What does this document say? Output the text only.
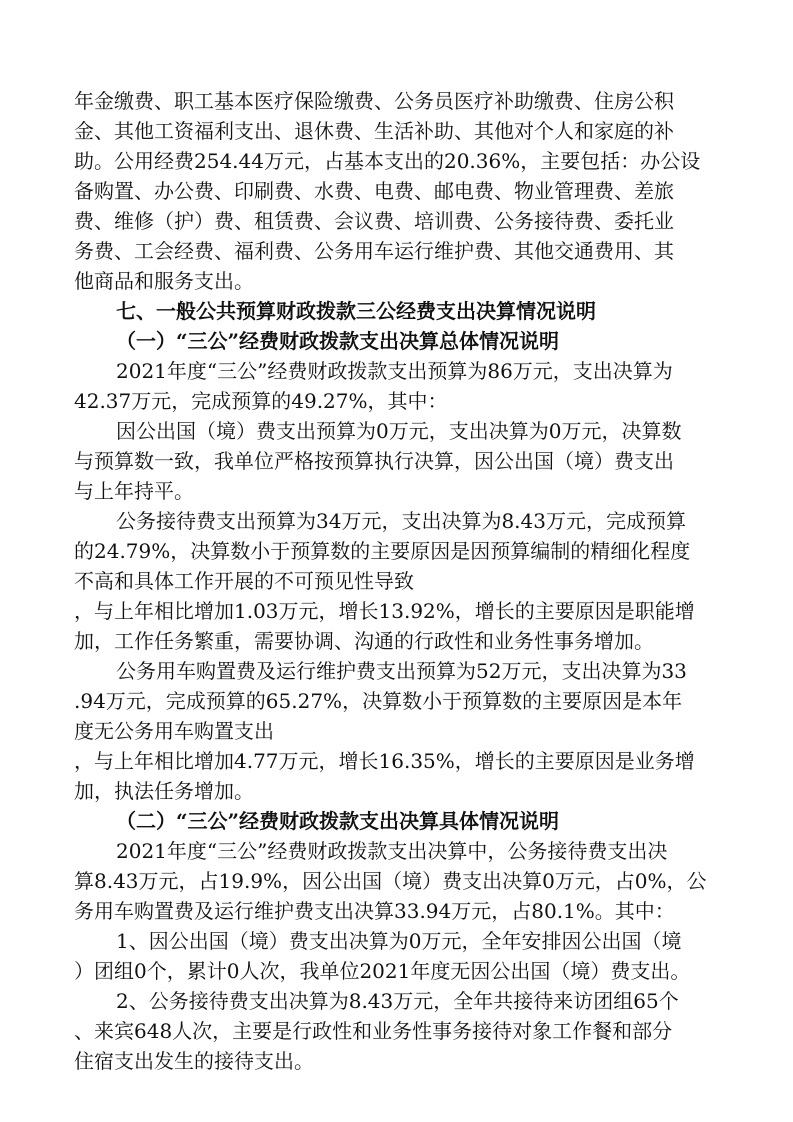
年金缴费、职工基本医疗保险缴费、公务员医疗补助缴费、住房公积
金、其他工资福利支出、退休费、生活补助、其他对个人和家庭的补
助。公用经费254.44万元，占基本支出的20.36%，主要包括：办公设
备购置、办公费、印刷费、水费、电费、邮电费、物业管理费、差旅
费、维修（护）费、租赁费、会议费、培训费、公务接待费、委托业
务费、工会经费、福利费、公务用车运行维护费、其他交通费用、其
他商品和服务支出。
七、一般公共预算财政拨款三公经费支出决算情况说明
（一）“三公”经费财政拨款支出决算总体情况说明
2021年度“三公”经费财政拨款支出预算为86万元，支出决算为
42.37万元，完成预算的49.27%，其中：
因公出国（境）费支出预算为0万元，支出决算为0万元，决算数
与预算数一致，我单位严格按预算执行决算，因公出国（境）费支出
与上年持平。
公务接待费支出预算为34万元，支出决算为8.43万元，完成预算
的24.79%，决算数小于预算数的主要原因是因预算编制的精细化程度
不高和具体工作开展的不可预见性导致
，与上年相比增加1.03万元，增长13.92%，增长的主要原因是职能增
加，工作任务繁重，需要协调、沟通的行政性和业务性事务增加。
公务用车购置费及运行维护费支出预算为52万元，支出决算为33
.94万元，完成预算的65.27%，决算数小于预算数的主要原因是本年
度无公务用车购置支出
，与上年相比增加4.77万元，增长16.35%，增长的主要原因是业务增
加，执法任务增加。
（二）“三公”经费财政拨款支出决算具体情况说明
2021年度“三公”经费财政拨款支出决算中，公务接待费支出决
算8.43万元，占19.9%，因公出国（境）费支出决算0万元，占0%，公
务用车购置费及运行维护费支出决算33.94万元，占80.1%。其中：
1、因公出国（境）费支出决算为0万元，全年安排因公出国（境
）团组0个，累计0人次，我单位2021年度无因公出国（境）费支出。
2、公务接待费支出决算为8.43万元，全年共接待来访团组65个
、来宾648人次，主要是行政性和业务性事务接待对象工作餐和部分
住宿支出发生的接待支出。
